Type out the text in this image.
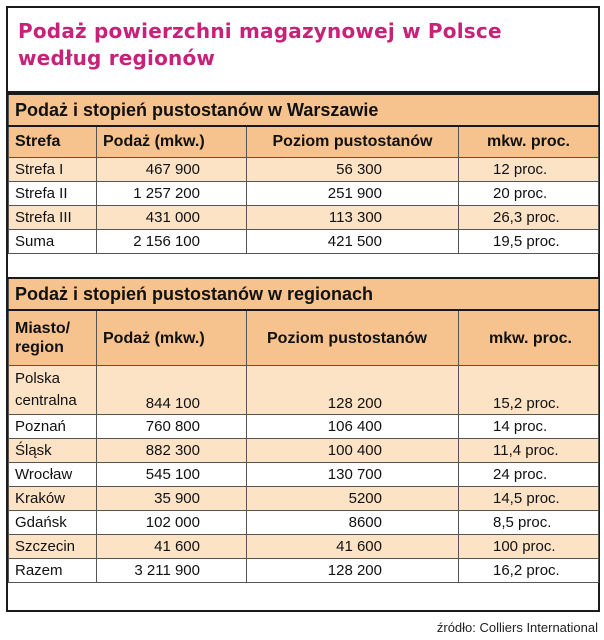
Podaż powierzchni magazynowej w Polsce
według regionów
Podaż i stopień pustostanów w Warszawie			
Strefa	Podaż (mkw.)	Poziom pustostanów	mkw. proc.
Strefa I	467 900	56 300	12 proc.
Strefa II	1 257 200	251 900	20 proc.
Strefa III	431 000	113 300	26,3 proc.
Suma	2 156 100	421 500	19,5 proc.
Podaż i stopień pustostanów w regionach			
Miasto/ region	Podaż (mkw.)	Poziom pustostanów	mkw. proc.
Polska centralna	844 100	128 200	15,2 proc.
Poznań	760 800	106 400	14 proc.
Śląsk	882 300	100 400	11,4 proc.
Wrocław	545 100	130 700	24 proc.
Kraków	35 900	5200	14,5 proc.
Gdańsk	102 000	8600	8,5 proc.
Szczecin	41 600	41 600	100 proc.
Razem	3 211 900	128 200	16,2 proc.
źródło: Colliers International
